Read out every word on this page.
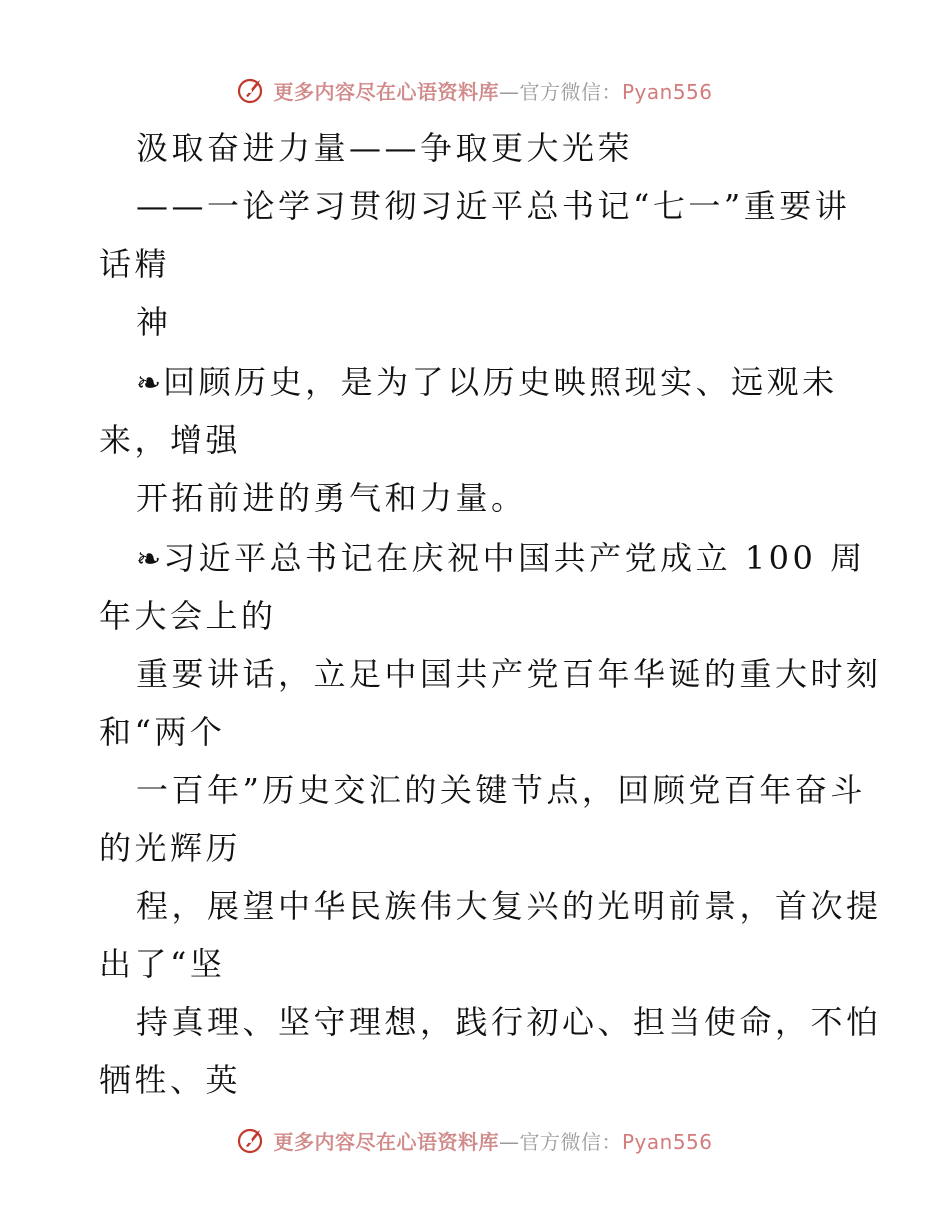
更多内容尽在心语资料库—官方微信：Pyan556
汲取奋进力量——争取更大光荣
——一论学习贯彻习近平总书记“七一”重要讲
话精
神
❧回顾历史，是为了以历史映照现实、远观未
来，增强
开拓前进的勇气和力量。
❧习近平总书记在庆祝中国共产党成立 100 周
年大会上的
重要讲话，立足中国共产党百年华诞的重大时刻
和“两个
一百年”历史交汇的关键节点，回顾党百年奋斗
的光辉历
程，展望中华民族伟大复兴的光明前景，首次提
出了“坚
持真理、坚守理想，践行初心、担当使命，不怕
牺牲、英
更多内容尽在心语资料库—官方微信：Pyan556
